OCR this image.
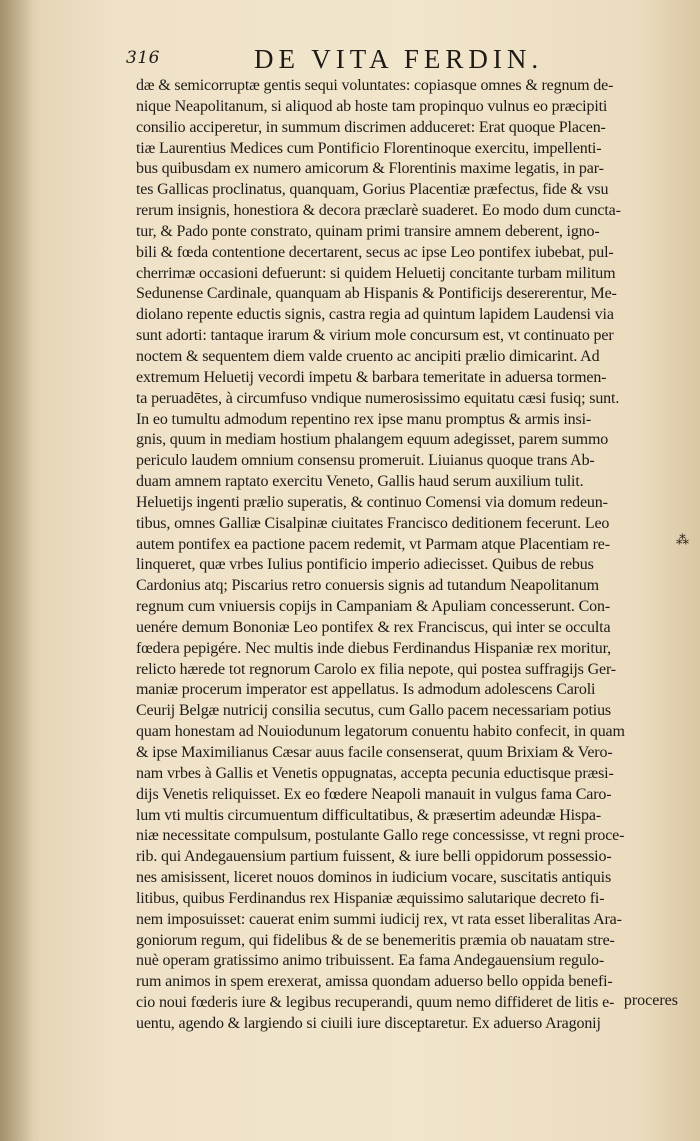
316	DE VITA FERDIN.
dæ & semicorruptæ gentis sequi voluntates: copiasque omnes & regnum de-
nique Neapolitanum, si aliquod ab hoste tam propinquo vulnus eo præcipiti
consilio acciperetur, in summum discrimen adduceret: Erat quoque Placen-
tiæ Laurentius Medices cum Pontificio Florentinoque exercitu, impellenti-
bus quibusdam ex numero amicorum & Florentinis maxime legatis, in par-
tes Gallicas proclinatus, quanquam, Gorius Placentiæ præfectus, fide & vsu
rerum insignis, honestiora & decora præclarè suaderet. Eo modo dum cuncta-
tur, & Pado ponte constrato, quinam primi transire amnem deberent, igno-
bili & fœda contentione decertarent, secus ac ipse Leo pontifex iubebat, pul-
cherrimæ occasioni defuerunt: si quidem Heluetij concitante turbam militum
Sedunense Cardinale, quanquam ab Hispanis & Pontificijs desererentur, Me-
diolano repente eductis signis, castra regia ad quintum lapidem Laudensi via
sunt adorti: tantaque irarum & virium mole concursum est, vt continuato per
noctem & sequentem diem valde cruento ac ancipiti prælio dimicarint. Ad
extremum Heluetij vecordi impetu & barbara temeritate in aduersa tormen-
ta peruadētes, à circumfuso vndique numerosissimo equitatu cæsi fusiq; sunt.
In eo tumultu admodum repentino rex ipse manu promptus & armis insi-
gnis, quum in mediam hostium phalangem equum adegisset, parem summo
periculo laudem omnium consensu promeruit. Liuianus quoque trans Ab-
duam amnem raptato exercitu Veneto, Gallis haud serum auxilium tulit.
Heluetijs ingenti prælio superatis, & continuo Comensi via domum redeun-
tibus, omnes Galliæ Cisalpinæ ciuitates Francisco deditionem fecerunt. Leo
autem pontifex ea pactione pacem redemit, vt Parmam atque Placentiam re-
linqueret, quæ vrbes Iulius pontificio imperio adiecisset. Quibus de rebus
Cardonius atq; Piscarius retro conuersis signis ad tutandum Neapolitanum
regnum cum vniuersis copijs in Campaniam & Apuliam concesserunt. Con-
uenére demum Bononiæ Leo pontifex & rex Franciscus, qui inter se occulta
fœdera pepigére. Nec multis inde diebus Ferdinandus Hispaniæ rex moritur,
relicto hærede tot regnorum Carolo ex filia nepote, qui postea suffragijs Ger-
maniæ procerum imperator est appellatus. Is admodum adolescens Caroli
Ceurij Belgæ nutricij consilia secutus, cum Gallo pacem necessariam potius
quam honestam ad Nouiodunum legatorum conuentu habito confecit, in quam
& ipse Maximilianus Cæsar auus facile consenserat, quum Brixiam & Vero-
nam vrbes à Gallis et Venetis oppugnatas, accepta pecunia eductisque præsi-
dijs Venetis reliquisset. Ex eo fœdere Neapoli manauit in vulgus fama Caro-
lum vti multis circumuentum difficultatibus, & præsertim adeundæ Hispa-
niæ necessitate compulsum, postulante Gallo rege concessisse, vt regni proce-
rib. qui Andegauensium partium fuissent, & iure belli oppidorum possessio-
nes amisissent, liceret nouos dominos in iudicium vocare, suscitatis antiquis
litibus, quibus Ferdinandus rex Hispaniæ æquissimo salutarique decreto fi-
nem imposuisset: cauerat enim summi iudicij rex, vt rata esset liberalitas Ara-
goniorum regum, qui fidelibus & de se benemeritis præmia ob nauatam stre-
nuè operam gratissimo animo tribuissent. Ea fama Andegauensium regulo-
rum animos in spem erexerat, amissa quondam aduerso bello oppida benefi-
cio noui fœderis iure & legibus recuperandi, quum nemo diffideret de litis e-
uentu, agendo & largiendo si ciuili iure disceptaretur. Ex aduerso Aragonij
⁂
proceres
